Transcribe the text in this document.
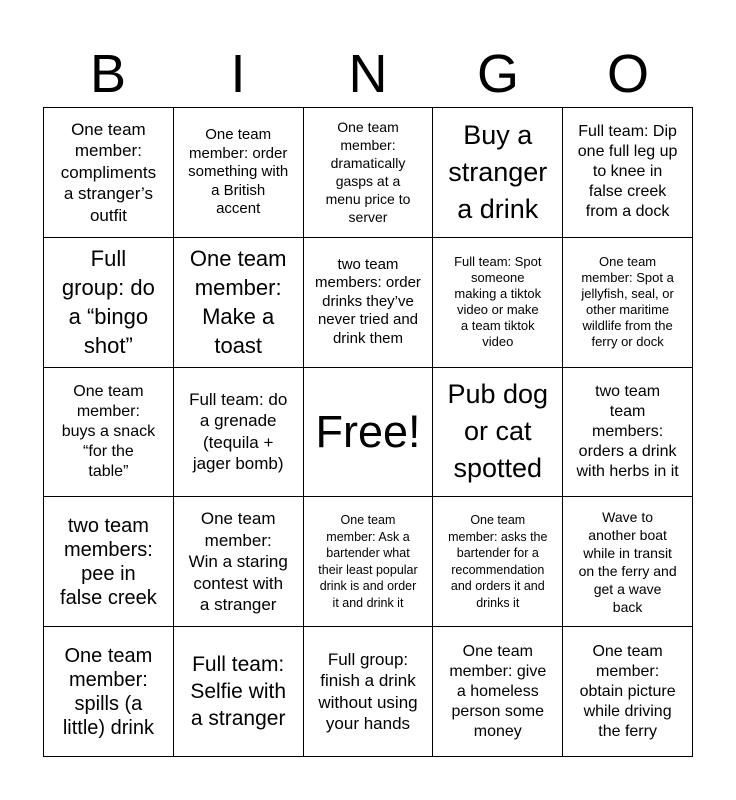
B	I	N	G	O
One team
member:
compliments
a stranger’s
outfit
One team
member: order
something with
a British
accent
One team
member:
dramatically
gasps at a
menu price to
server
Buy a
stranger
a drink
Full team: Dip
one full leg up
to knee in
false creek
from a dock
Full
group: do
a “bingo
shot”
One team
member:
Make a
toast
two team
members: order
drinks they’ve
never tried and
drink them
Full team: Spot
someone
making a tiktok
video or make
a team tiktok
video
One team
member: Spot a
jellyfish, seal, or
other maritime
wildlife from the
ferry or dock
One team
member:
buys a snack
“for the
table”
Full team: do
a grenade
(tequila +
jager bomb)
Free!
Pub dog
or cat
spotted
two team
team
members:
orders a drink
with herbs in it
two team
members:
pee in
false creek
One team
member:
Win a staring
contest with
a stranger
One team
member: Ask a
bartender what
their least popular
drink is and order
it and drink it
One team
member: asks the
bartender for a
recommendation
and orders it and
drinks it
Wave to
another boat
while in transit
on the ferry and
get a wave
back
One team
member:
spills (a
little) drink
Full team:
Selfie with
a stranger
Full group:
finish a drink
without using
your hands
One team
member: give
a homeless
person some
money
One team
member:
obtain picture
while driving
the ferry
